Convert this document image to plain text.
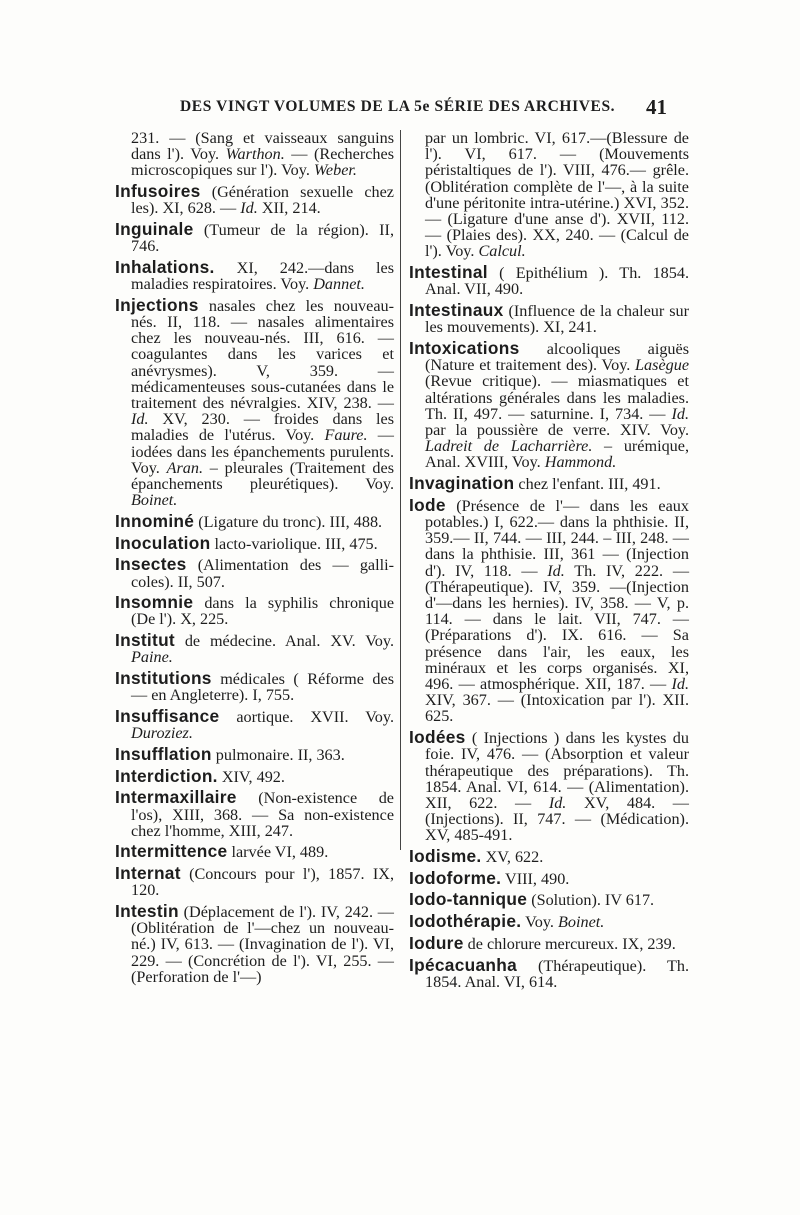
DES VINGT VOLUMES DE LA 5e SÉRIE DES ARCHIVES. 41
231. — (Sang et vaisseaux sanguins dans l'). Voy. Warthon. — (Recherches microscopiques sur l'). Voy. Weber.
Infusoires (Génération sexuelle chez les). XI, 628. — Id. XII, 214.
Inguinale (Tumeur de la région). II, 746.
Inhalations. XI, 242.—dans les maladies respiratoires. Voy. Dannet.
Injections nasales chez les nouveau-nés. II, 118. — nasales alimentaires chez les nouveau-nés. III, 616. — coagulantes dans les varices et anévrysmes). V, 359. — médicamenteuses sous-cutanées dans le traitement des névralgies. XIV, 238. — Id. XV, 230. — froides dans les maladies de l'utérus. Voy. Faure. — iodées dans les épanchements purulents. Voy. Aran. – pleurales (Traitement des épanchements pleurétiques). Voy. Boinet.
Innominé (Ligature du tronc). III, 488.
Inoculation lacto-variolique. III, 475.
Insectes (Alimentation des — galli-coles). II, 507.
Insomnie dans la syphilis chronique (De l'). X, 225.
Institut de médecine. Anal. XV. Voy. Paine.
Institutions médicales ( Réforme des — en Angleterre). I, 755.
Insuffisance aortique. XVII. Voy. Duroziez.
Insufflation pulmonaire. II, 363.
Interdiction. XIV, 492.
Intermaxillaire (Non-existence de l'os), XIII, 368. — Sa non-existence chez l'homme, XIII, 247.
Intermittence larvée VI, 489.
Internat (Concours pour l'), 1857. IX, 120.
Intestin (Déplacement de l'). IV, 242. — (Oblitération de l'—chez un nouveau-né.) IV, 613. — (Invagination de l'). VI, 229. — (Concrétion de l'). VI, 255. — (Perforation de l'—)
par un lombric. VI, 617.—(Blessure de l'). VI, 617. — (Mouvements péristaltiques de l'). VIII, 476.— grêle. (Oblitération complète de l'—, à la suite d'une péritonite intra-utérine.) XVI, 352. — (Ligature d'une anse d'). XVII, 112. — (Plaies des). XX, 240. — (Calcul de l'). Voy. Calcul.
Intestinal ( Epithélium ). Th. 1854. Anal. VII, 490.
Intestinaux (Influence de la chaleur sur les mouvements). XI, 241.
Intoxications alcooliques aiguës (Nature et traitement des). Voy. Lasègue (Revue critique). — miasmatiques et altérations générales dans les maladies. Th. II, 497. — saturnine. I, 734. — Id. par la poussière de verre. XIV. Voy. Ladreit de Lacharrière. – urémique, Anal. XVIII, Voy. Hammond.
Invagination chez l'enfant. III, 491.
Iode (Présence de l'— dans les eaux potables.) I, 622.— dans la phthisie. II, 359.— II, 744. — III, 244. – III, 248. — dans la phthisie. III, 361 — (Injection d'). IV, 118. — Id. Th. IV, 222. — (Thérapeutique). IV, 359. —(Injection d'—dans les hernies). IV, 358. — V, p. 114. — dans le lait. VII, 747. — (Préparations d'). IX. 616. — Sa présence dans l'air, les eaux, les minéraux et les corps organisés. XI, 496. — atmosphérique. XII, 187. — Id. XIV, 367. — (Intoxication par l'). XII. 625.
Iodées ( Injections ) dans les kystes du foie. IV, 476. — (Absorption et valeur thérapeutique des préparations). Th. 1854. Anal. VI, 614. — (Alimentation). XII, 622. — Id. XV, 484. — (Injections). II, 747. — (Médication). XV, 485-491.
Iodisme. XV, 622.
Iodoforme. VIII, 490.
Iodo-tannique (Solution). IV 617.
Iodothérapie. Voy. Boinet.
Iodure de chlorure mercureux. IX, 239.
Ipécacuanha (Thérapeutique). Th. 1854. Anal. VI, 614.
